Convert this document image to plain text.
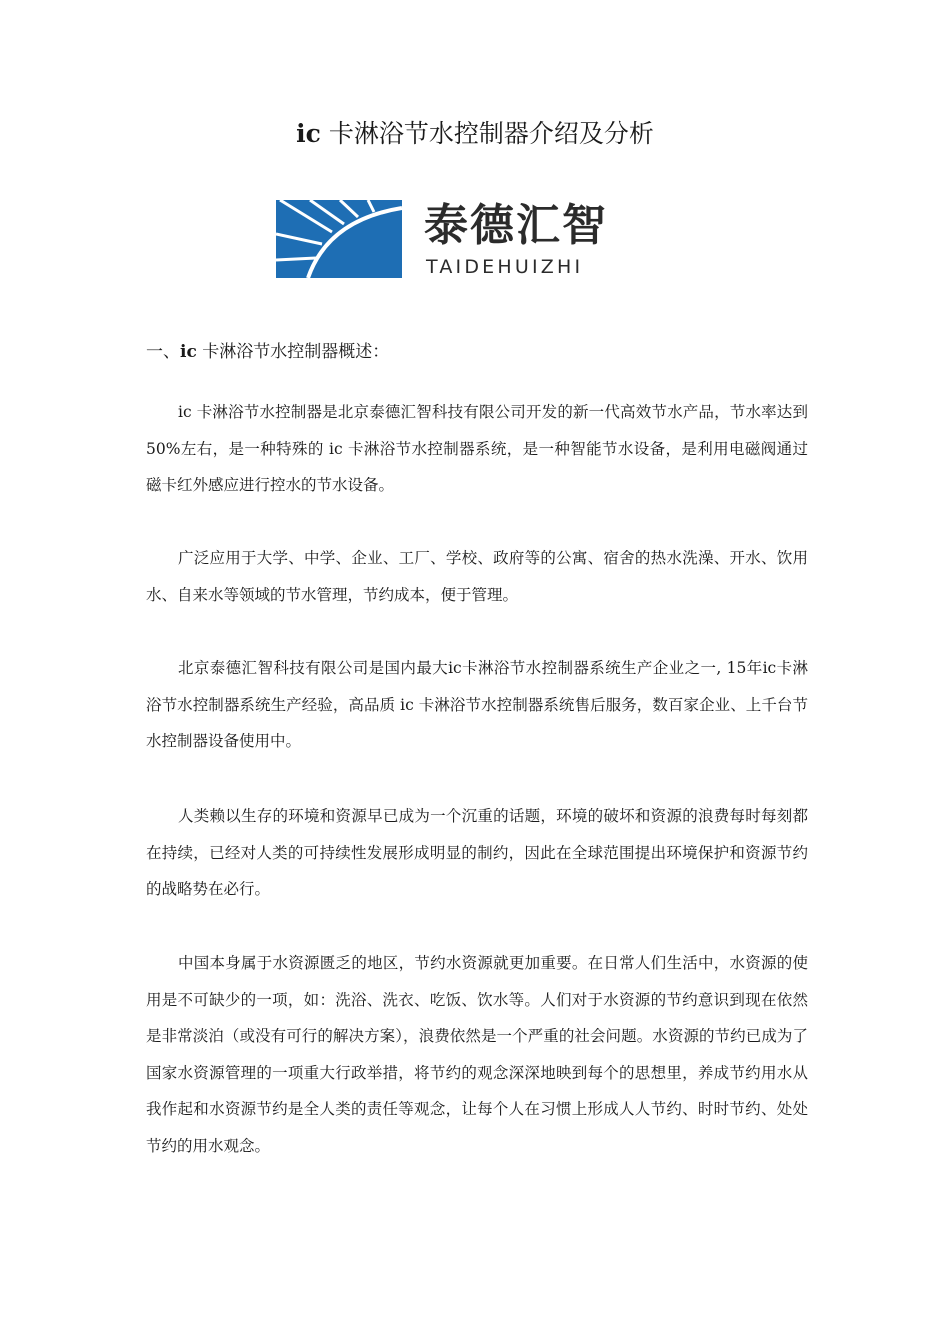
ic 卡淋浴节水控制器介绍及分析
泰德汇智
TAIDEHUIZHI
一、ic 卡淋浴节水控制器概述：

ic 卡淋浴节水控制器是北京泰德汇智科技有限公司开发的新一代高效节水产品，节水率达到 50%左右，是一种特殊的 ic 卡淋浴节水控制器系统，是一种智能节水设备，是利用电磁阀通过磁卡红外感应进行控水的节水设备。

广泛应用于大学、中学、企业、工厂、学校、政府等的公寓、宿舍的热水洗澡、开水、饮用水、自来水等领域的节水管理，节约成本，便于管理。

北京泰德汇智科技有限公司是国内最大ic卡淋浴节水控制器系统生产企业之一, 15年ic卡淋浴节水控制器系统生产经验，高品质 ic 卡淋浴节水控制器系统售后服务，数百家企业、上千台节水控制器设备使用中。

人类赖以生存的环境和资源早已成为一个沉重的话题，环境的破坏和资源的浪费每时每刻都在持续，已经对人类的可持续性发展形成明显的制约，因此在全球范围提出环境保护和资源节约的战略势在必行。

中国本身属于水资源匮乏的地区，节约水资源就更加重要。在日常人们生活中，水资源的使用是不可缺少的一项，如：洗浴、洗衣、吃饭、饮水等。人们对于水资源的节约意识到现在依然是非常淡泊（或没有可行的解决方案），浪费依然是一个严重的社会问题。水资源的节约已成为了国家水资源管理的一项重大行政举措，将节约的观念深深地映到每个的思想里，养成节约用水从我作起和水资源节约是全人类的责任等观念，让每个人在习惯上形成人人节约、时时节约、处处节约的用水观念。
